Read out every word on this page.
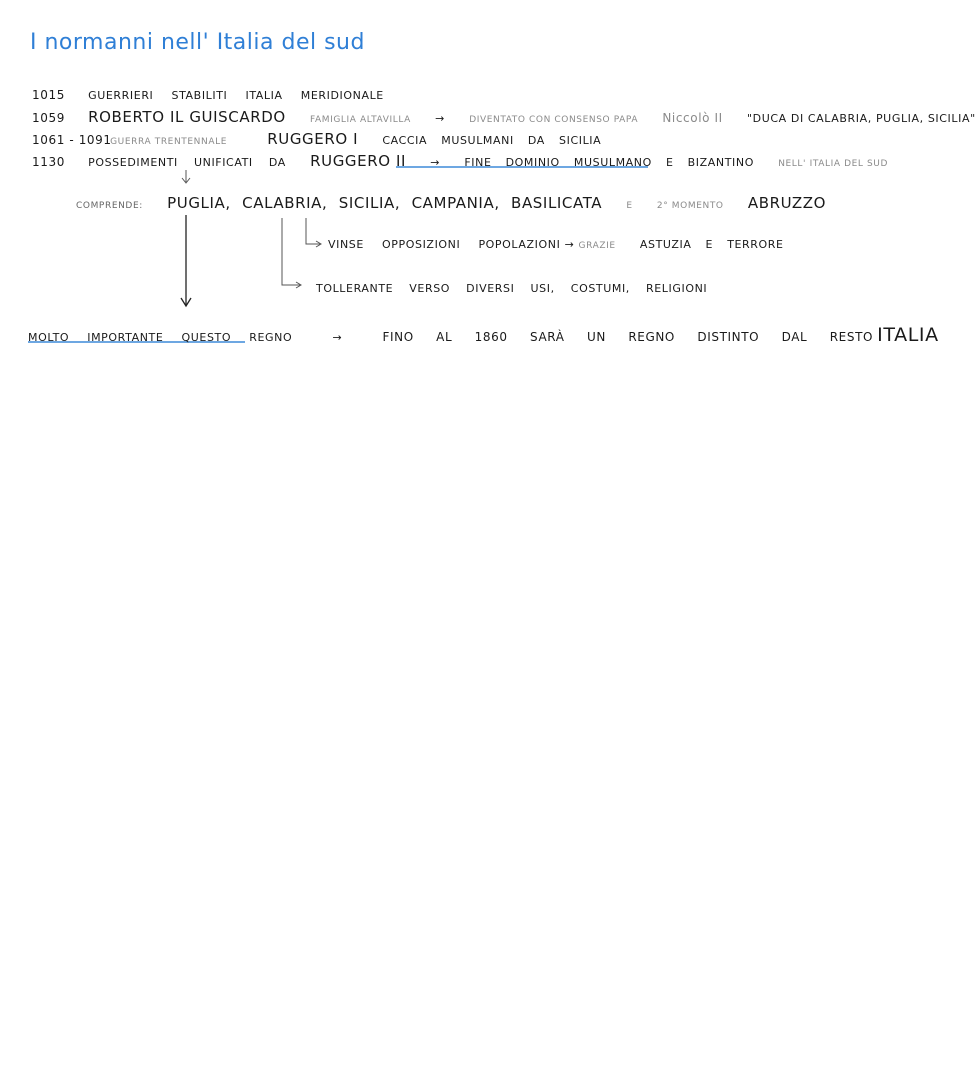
I normanni nell' Italia del sud
1015 GUERRIERI STABILITI ITALIA MERIDIONALE
1059 ROBERTO IL GUISCARDO	FAMIGLIA ALTAVILLA →	DIVENTATO CON CONSENSO PAPA Niccolò II "DUCA DI CALABRIA, PUGLIA, SICILIA"
1061 - 1091 GUERRA TRENTENNALE	RUGGERO I CACCIA MUSULMANI DA SICILIA
1130 POSSEDIMENTI UNIFICATI DA RUGGERO II → FINE DOMINIO MUSULMANO E BIZANTINO	NELL' ITALIA DEL SUD
COMPRENDE: PUGLIA, CALABRIA, SICILIA, CAMPANIA, BASILICATA	E	2° MOMENTO ABRUZZO
VINSE OPPOSIZIONI POPOLAZIONI → GRAZIE ASTUZIA E TERRORE
TOLLERANTE VERSO DIVERSI USI, COSTUMI, RELIGIONI
MOLTO IMPORTANTE QUESTO REGNO	→	FINO AL 1860 SARÀ UN REGNO DISTINTO DAL RESTO ITALIA
